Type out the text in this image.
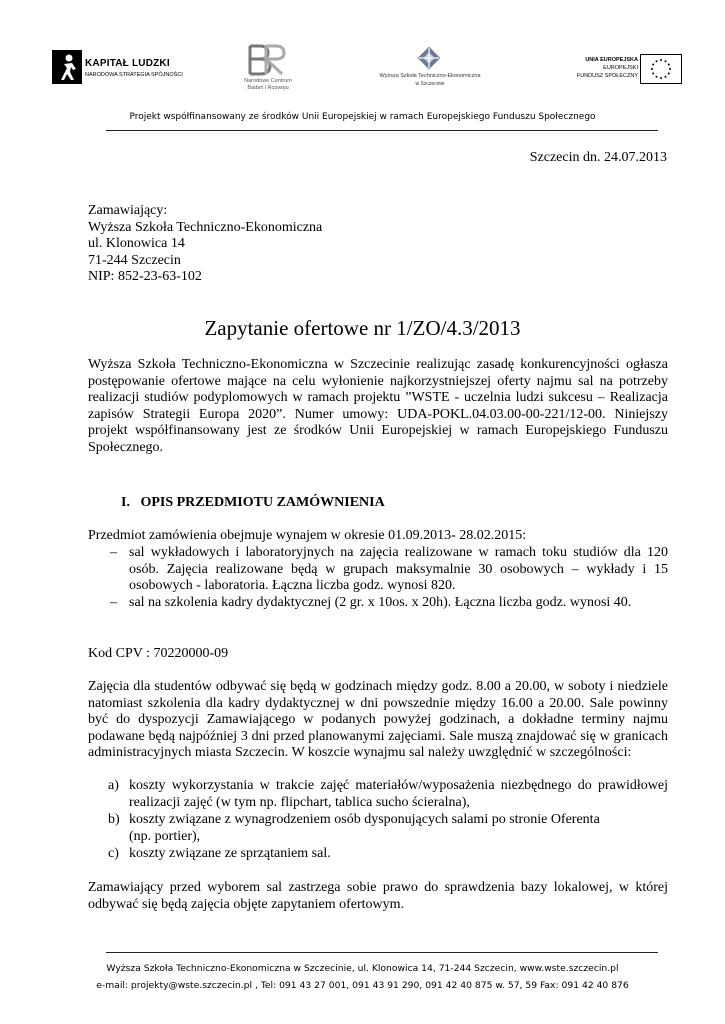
KAPITAŁ LUDZKI
NARODOWA STRATEGIA SPÓJNOŚCI
Narodowe Centrum
Badań i Rozwoju
Wyższa Szkoła Techniczno-Ekonomiczna
w Szczecinie
UNIA EUROPEJSKA
EUROPEJSKI
FUNDUSZ SPOŁECZNY
Projekt współfinansowany ze środków Unii Europejskiej w ramach Europejskiego Funduszu Społecznego
Szczecin dn. 24.07.2013
Zamawiający:
Wyższa Szkoła Techniczno-Ekonomiczna
ul. Klonowica 14
71-244 Szczecin
NIP: 852-23-63-102
Zapytanie ofertowe nr 1/ZO/4.3/2013
Wyższa Szkoła Techniczno-Ekonomiczna w Szczecinie realizując zasadę konkurencyjności ogłasza postępowanie ofertowe mające na celu wyłonienie najkorzystniejszej oferty najmu sal na potrzeby realizacji studiów podyplomowych w ramach projektu ”WSTE - uczelnia ludzi sukcesu – Realizacja zapisów Strategii Europa 2020”. Numer umowy: UDA-POKL.04.03.00-00-221/12-00. Niniejszy projekt współfinansowany jest ze środków Unii Europejskiej w ramach Europejskiego Funduszu Społecznego.
I. OPIS PRZEDMIOTU ZAMÓWNIENIA
Przedmiot zamówienia obejmuje wynajem w okresie 01.09.2013- 28.02.2015:
– sal wykładowych i laboratoryjnych na zajęcia realizowane w ramach toku studiów dla 120 osób. Zajęcia realizowane będą w grupach maksymalnie 30 osobowych – wykłady i 15 osobowych - laboratoria. Łączna liczba godz. wynosi 820.
– sal na szkolenia kadry dydaktycznej (2 gr. x 10os. x 20h). Łączna liczba godz. wynosi 40.
Kod CPV : 70220000-09
Zajęcia dla studentów odbywać się będą w godzinach między godz. 8.00 a 20.00, w soboty i niedziele natomiast szkolenia dla kadry dydaktycznej w dni powszednie między 16.00 a 20.00. Sale powinny być do dyspozycji Zamawiającego w podanych powyżej godzinach, a dokładne terminy najmu podawane będą najpóźniej 3 dni przed planowanymi zajęciami. Sale muszą znajdować się w granicach administracyjnych miasta Szczecin. W koszcie wynajmu sal należy uwzględnić w szczególności:
a) koszty wykorzystania w trakcie zajęć materiałów/wyposażenia niezbędnego do prawidłowej realizacji zajęć (w tym np. flipchart, tablica sucho ścieralna),
b) koszty związane z wynagrodzeniem osób dysponujących salami po stronie Oferenta (np. portier),
c) koszty związane ze sprzątaniem sal.
Zamawiający przed wyborem sal zastrzega sobie prawo do sprawdzenia bazy lokalowej, w której odbywać się będą zajęcia objęte zapytaniem ofertowym.
Wyższa Szkoła Techniczno-Ekonomiczna w Szczecinie, ul. Klonowica 14, 71-244 Szczecin, www.wste.szczecin.pl
e-mail: projekty@wste.szczecin.pl , Tel: 091 43 27 001, 091 43 91 290, 091 42 40 875 w. 57, 59 Fax: 091 42 40 876
